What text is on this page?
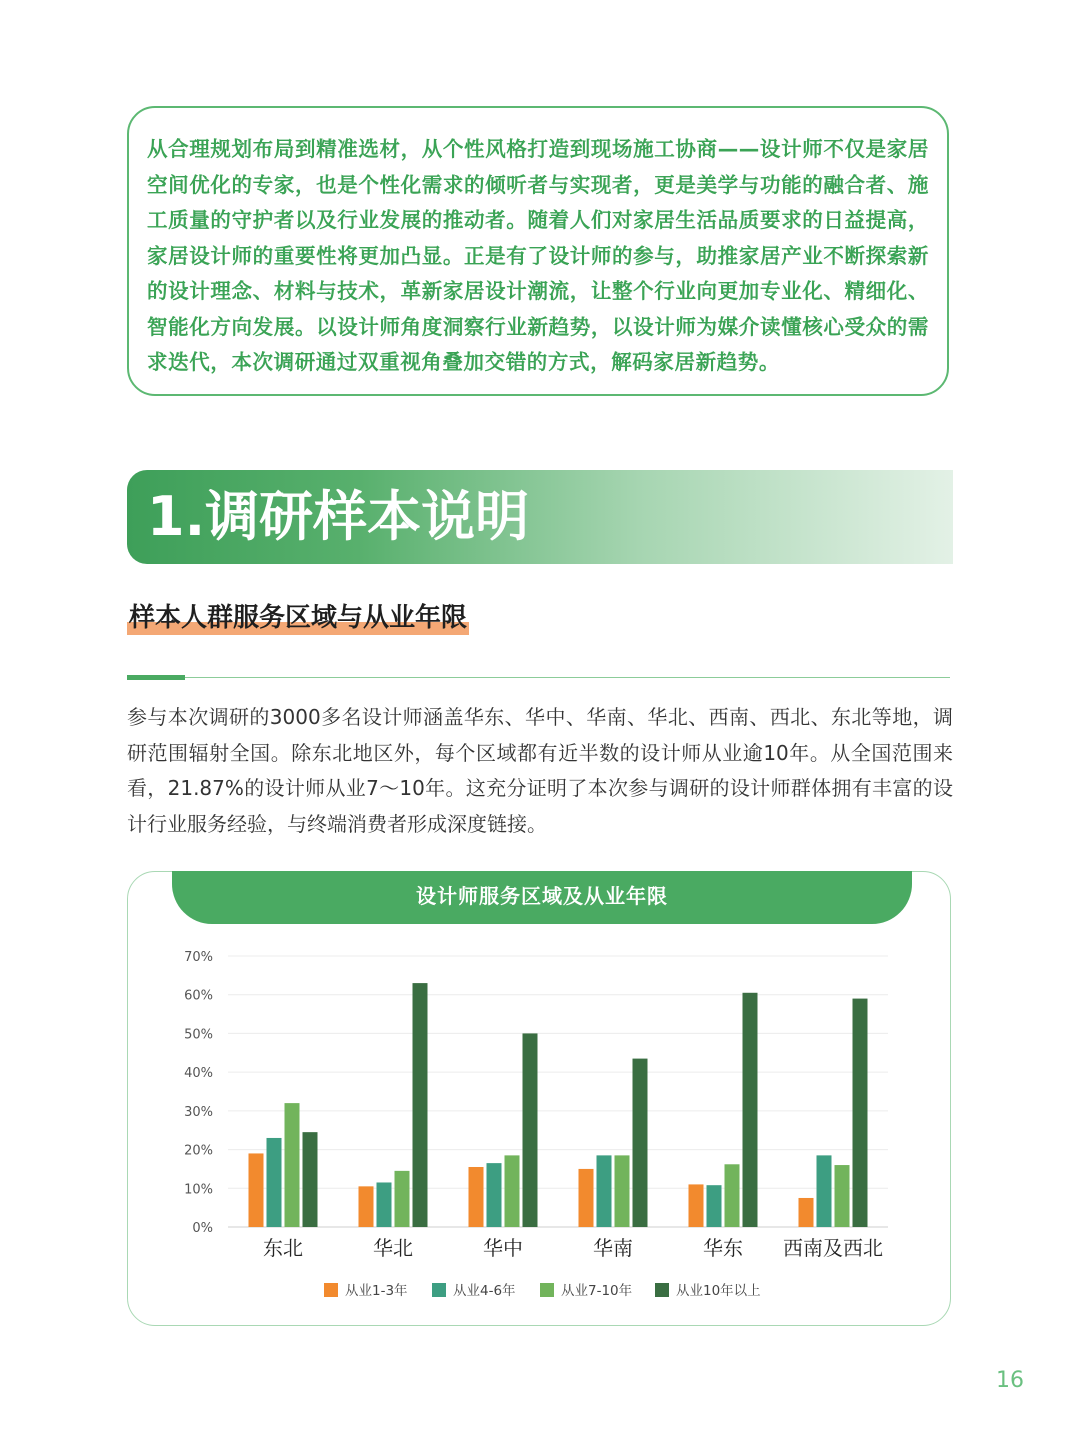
从合理规划布局到精准选材，从个性风格打造到现场施工协商——设计师不仅是家居空间优化的专家，也是个性化需求的倾听者与实现者，更是美学与功能的融合者、施工质量的守护者以及行业发展的推动者。随着人们对家居生活品质要求的日益提高，家居设计师的重要性将更加凸显。正是有了设计师的参与，助推家居产业不断探索新的设计理念、材料与技术，革新家居设计潮流，让整个行业向更加专业化、精细化、智能化方向发展。以设计师角度洞察行业新趋势，以设计师为媒介读懂核心受众的需求迭代，本次调研通过双重视角叠加交错的方式，解码家居新趋势。

1.调研样本说明
样本人群服务区域与从业年限

参与本次调研的3000多名设计师涵盖华东、华中、华南、华北、西南、西北、东北等地，调研范围辐射全国。除东北地区外，每个区域都有近半数的设计师从业逾10年。从全国范围来看，21.87%的设计师从业7～10年。这充分证明了本次参与调研的设计师群体拥有丰富的设计行业服务经验，与终端消费者形成深度链接。

设计师服务区域及从业年限
0%
10%
20%
30%
40%
50%
60%
70%
东北	华北	华中	华南	华东 西南及西北
从业1-3年	从业4-6年	从业7-10年	从业10年以上
16
